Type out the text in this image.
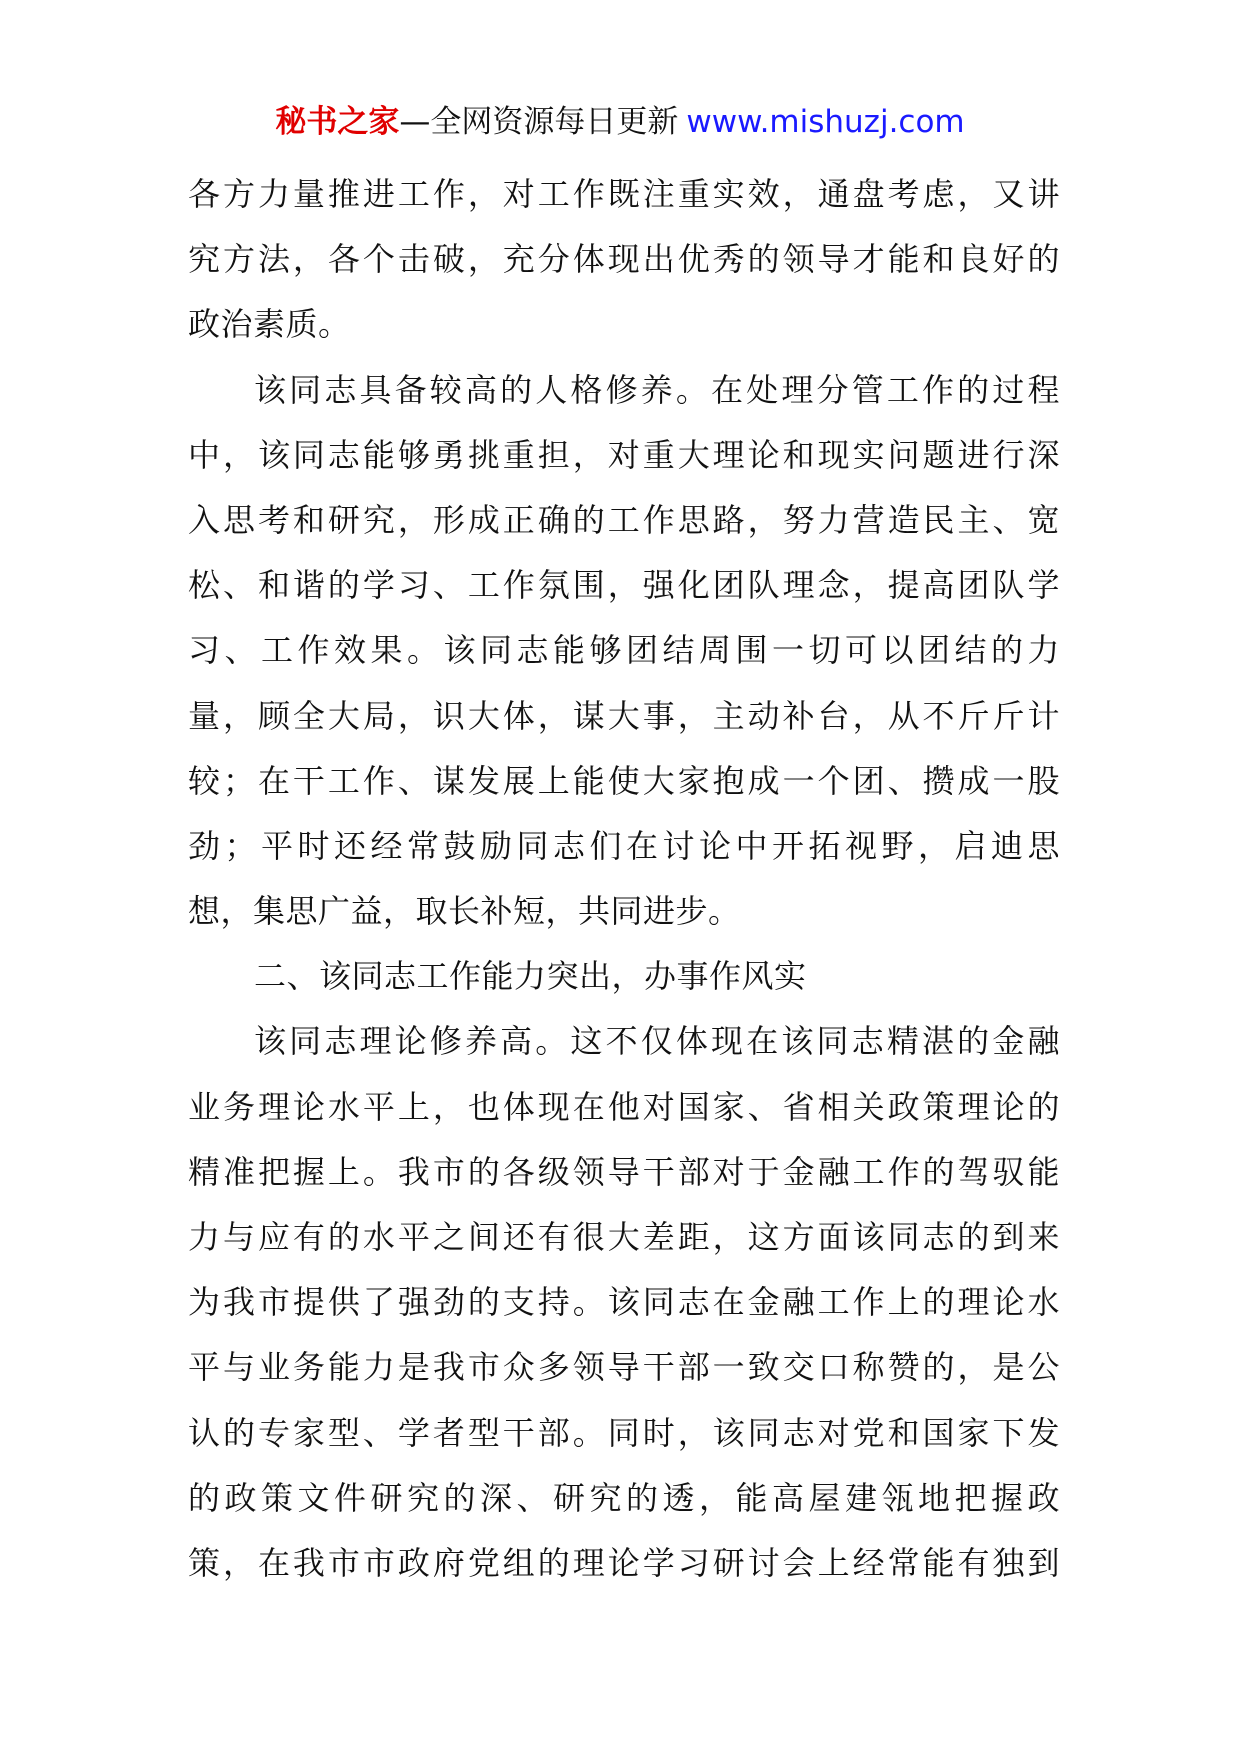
秘书之家—全网资源每日更新 www.mishuzj.com
各方力量推进工作，对工作既注重实效，通盘考虑，又讲
究方法，各个击破，充分体现出优秀的领导才能和良好的
政治素质。
该同志具备较高的人格修养。在处理分管工作的过程
中，该同志能够勇挑重担，对重大理论和现实问题进行深
入思考和研究，形成正确的工作思路，努力营造民主、宽
松、和谐的学习、工作氛围，强化团队理念，提高团队学
习、工作效果。该同志能够团结周围一切可以团结的力
量，顾全大局，识大体，谋大事，主动补台，从不斤斤计
较；在干工作、谋发展上能使大家抱成一个团、攒成一股
劲；平时还经常鼓励同志们在讨论中开拓视野，启迪思
想，集思广益，取长补短，共同进步。
二、该同志工作能力突出，办事作风实
该同志理论修养高。这不仅体现在该同志精湛的金融
业务理论水平上，也体现在他对国家、省相关政策理论的
精准把握上。我市的各级领导干部对于金融工作的驾驭能
力与应有的水平之间还有很大差距，这方面该同志的到来
为我市提供了强劲的支持。该同志在金融工作上的理论水
平与业务能力是我市众多领导干部一致交口称赞的，是公
认的专家型、学者型干部。同时，该同志对党和国家下发
的政策文件研究的深、研究的透，能高屋建瓴地把握政
策，在我市市政府党组的理论学习研讨会上经常能有独到
